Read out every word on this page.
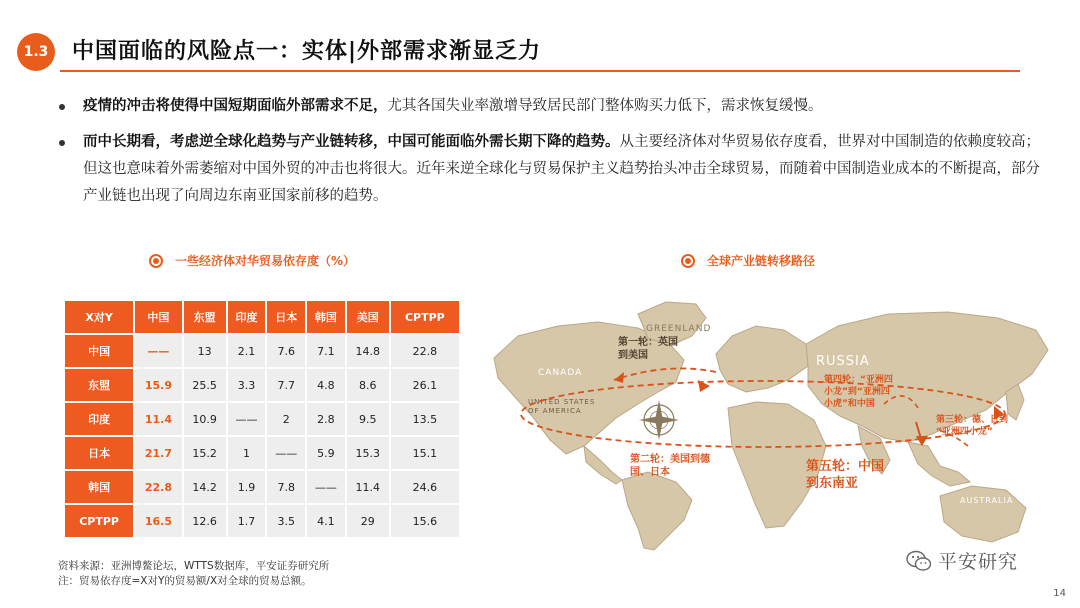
1.3 中国面临的风险点一：实体|外部需求渐显乏力
疫情的冲击将使得中国短期面临外部需求不足，尤其各国失业率激增导致居民部门整体购买力低下，需求恢复缓慢。
而中长期看，考虑逆全球化趋势与产业链转移，中国可能面临外需长期下降的趋势。从主要经济体对华贸易依存度看，世界对中国制造的依赖度较高；但这也意味着外需萎缩对中国外贸的冲击也将很大。近年来逆全球化与贸易保护主义趋势抬头冲击全球贸易，而随着中国制造业成本的不断提高，部分产业链也出现了向周边东南亚国家前移的趋势。
一些经济体对华贸易依存度（%）	全球产业链转移路径
X对Y	中国	东盟	印度	日本	韩国	美国	CPTPP
中国	——	13	2.1	7.6	7.1	14.8	22.8
东盟	15.9	25.5	3.3	7.7	4.8	8.6	26.1
印度	11.4	10.9	——	2	2.8	9.5	13.5
日本	21.7	15.2	1	——	5.9	15.3	15.1
韩国	22.8	14.2	1.9	7.8	——	11.4	24.6
CPTPP	16.5	12.6	1.7	3.5	4.1	29	15.6
GREENLAND
RUSSIA
CANADA
UNITED STATES OF AMERICA
AUSTRALIA
第一轮：英国
到美国
第二轮：美国到德
国、日本
第三轮：德、日到
“亚洲四小龙”
第四轮：“亚洲四
小龙”到“亚洲四
小虎”和中国
第五轮：中国
到东南亚
资料来源：亚洲博鳌论坛，WTTS数据库，平安证券研究所
注：贸易依存度=X对Y的贸易额/X对全球的贸易总额。
平安研究
14
